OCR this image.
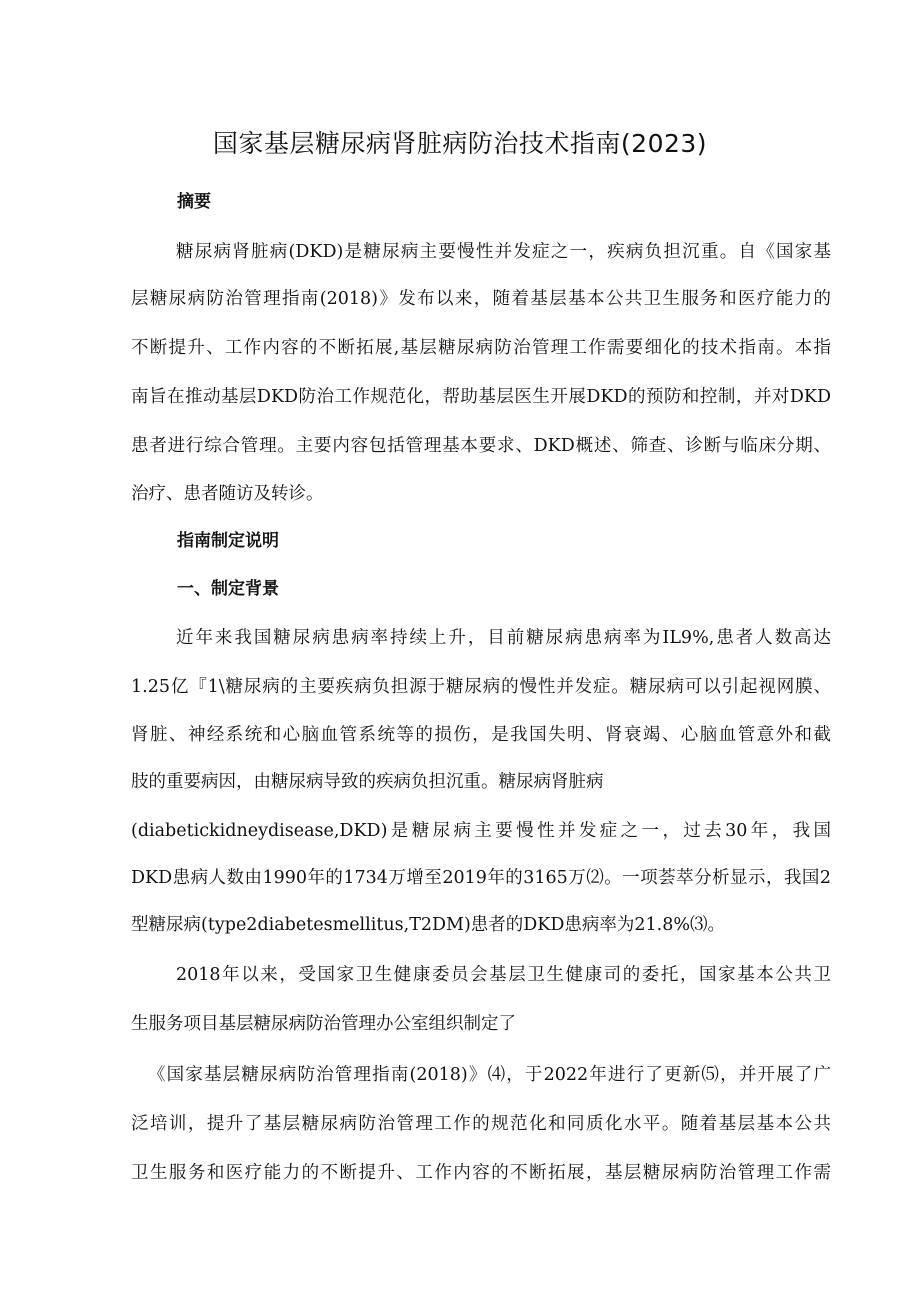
国家基层糖尿病肾脏病防治技术指南(2023)
摘要
糖尿病肾脏病(DKD)是糖尿病主要慢性并发症之一，疾病负担沉重。自《国家基
层糖尿病防治管理指南(2018)》发布以来，随着基层基本公共卫生服务和医疗能力的
不断提升、工作内容的不断拓展,基层糖尿病防治管理工作需要细化的技术指南。本指
南旨在推动基层DKD防治工作规范化，帮助基层医生开展DKD的预防和控制，并对DKD
患者进行综合管理。主要内容包括管理基本要求、DKD概述、筛查、诊断与临床分期、
治疗、患者随访及转诊。
指南制定说明
一、制定背景
近年来我国糖尿病患病率持续上升，目前糖尿病患病率为IL9%,患者人数高达
1.25亿『1\糖尿病的主要疾病负担源于糖尿病的慢性并发症。糖尿病可以引起视网膜、
肾脏、神经系统和心脑血管系统等的损伤，是我国失明、肾衰竭、心脑血管意外和截
肢的重要病因，由糖尿病导致的疾病负担沉重。糖尿病肾脏病
(diabetickidneydisease,DKD)是糖尿病主要慢性并发症之一，过去30年，我国
DKD患病人数由1990年的1734万增至2019年的3165万⑵。一项荟萃分析显示，我国2
型糖尿病(type2diabetesmellitus,T2DM)患者的DKD患病率为21.8%⑶。
2018年以来，受国家卫生健康委员会基层卫生健康司的委托，国家基本公共卫
生服务项目基层糖尿病防治管理办公室组织制定了
《国家基层糖尿病防治管理指南(2018)》⑷，于2022年进行了更新⑸，并开展了广
泛培训，提升了基层糖尿病防治管理工作的规范化和同质化水平。随着基层基本公共
卫生服务和医疗能力的不断提升、工作内容的不断拓展，基层糖尿病防治管理工作需
